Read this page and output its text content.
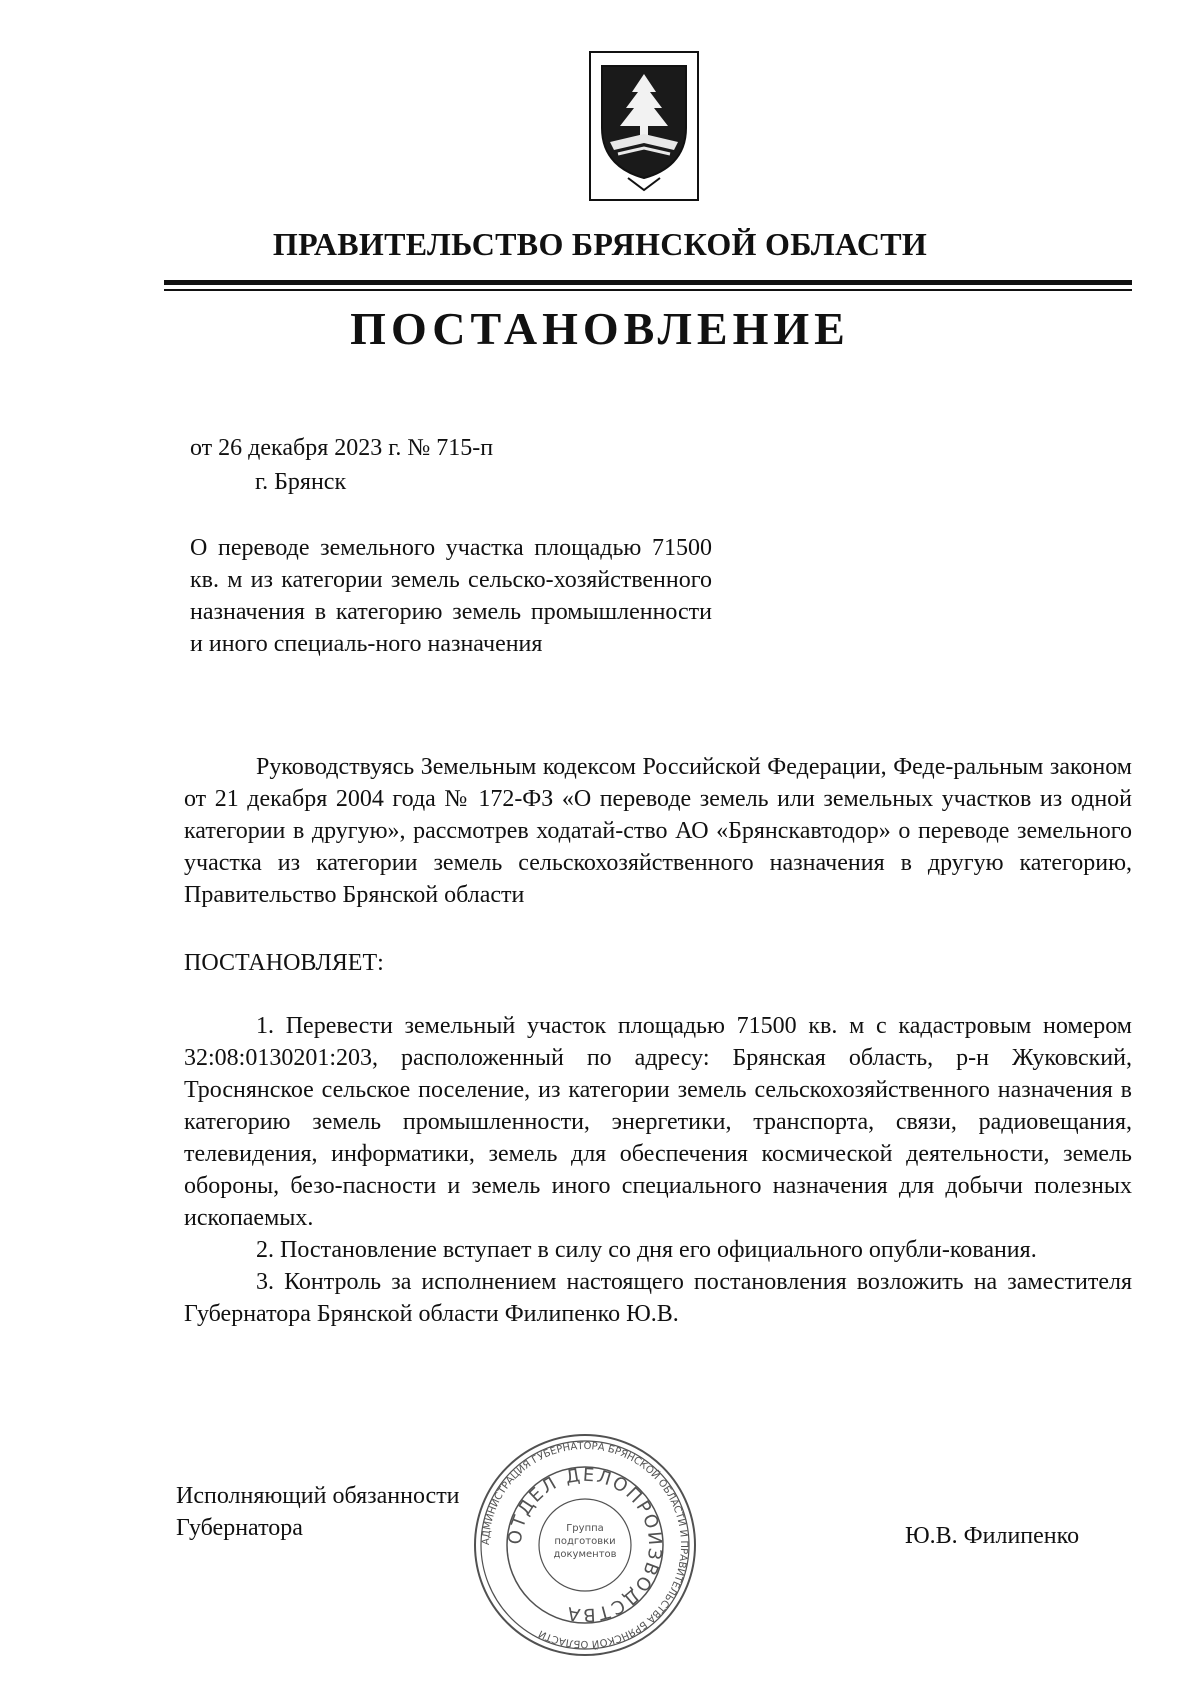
ПРАВИТЕЛЬСТВО БРЯНСКОЙ ОБЛАСТИ
ПОСТАНОВЛЕНИЕ
от 26 декабря 2023 г. № 715-п
г. Брянск
О переводе земельного участка площадью 71500 кв. м из категории земель сельско-хозяйственного назначения в категорию земель промышленности и иного специаль-ного назначения

Руководствуясь Земельным кодексом Российской Федерации, Феде-ральным законом от 21 декабря 2004 года № 172-ФЗ «О переводе земель или земельных участков из одной категории в другую», рассмотрев ходатай-ство АО «Брянскавтодор» о переводе земельного участка из категории земель сельскохозяйственного назначения в другую категорию, Правительство Брянской области

ПОСТАНОВЛЯЕТ:

1. Перевести земельный участок площадью 71500 кв. м с кадастровым номером 32:08:0130201:203, расположенный по адресу: Брянская область, р-н Жуковский, Троснянское сельское поселение, из категории земель сельскохозяйственного назначения в категорию земель промышленности, энергетики, транспорта, связи, радиовещания, телевидения, информатики, земель для обеспечения космической деятельности, земель обороны, безо-пасности и земель иного специального назначения для добычи полезных ископаемых.

2. Постановление вступает в силу со дня его официального опубли-кования.

3. Контроль за исполнением настоящего постановления возложить на заместителя Губернатора Брянской области Филипенко Ю.В.

Исполняющий обязанности
Губернатора	Ю.В. Филипенко
АДМИНИСТРАЦИЯ ГУБЕРНАТОРА БРЯНСКОЙ ОБЛАСТИ И ПРАВИТЕЛЬСТВА БРЯНСКОЙ ОБЛАСТИ
ОТДЕЛ ДЕЛОПРОИЗВОДСТВА
Группа подготовки документов
